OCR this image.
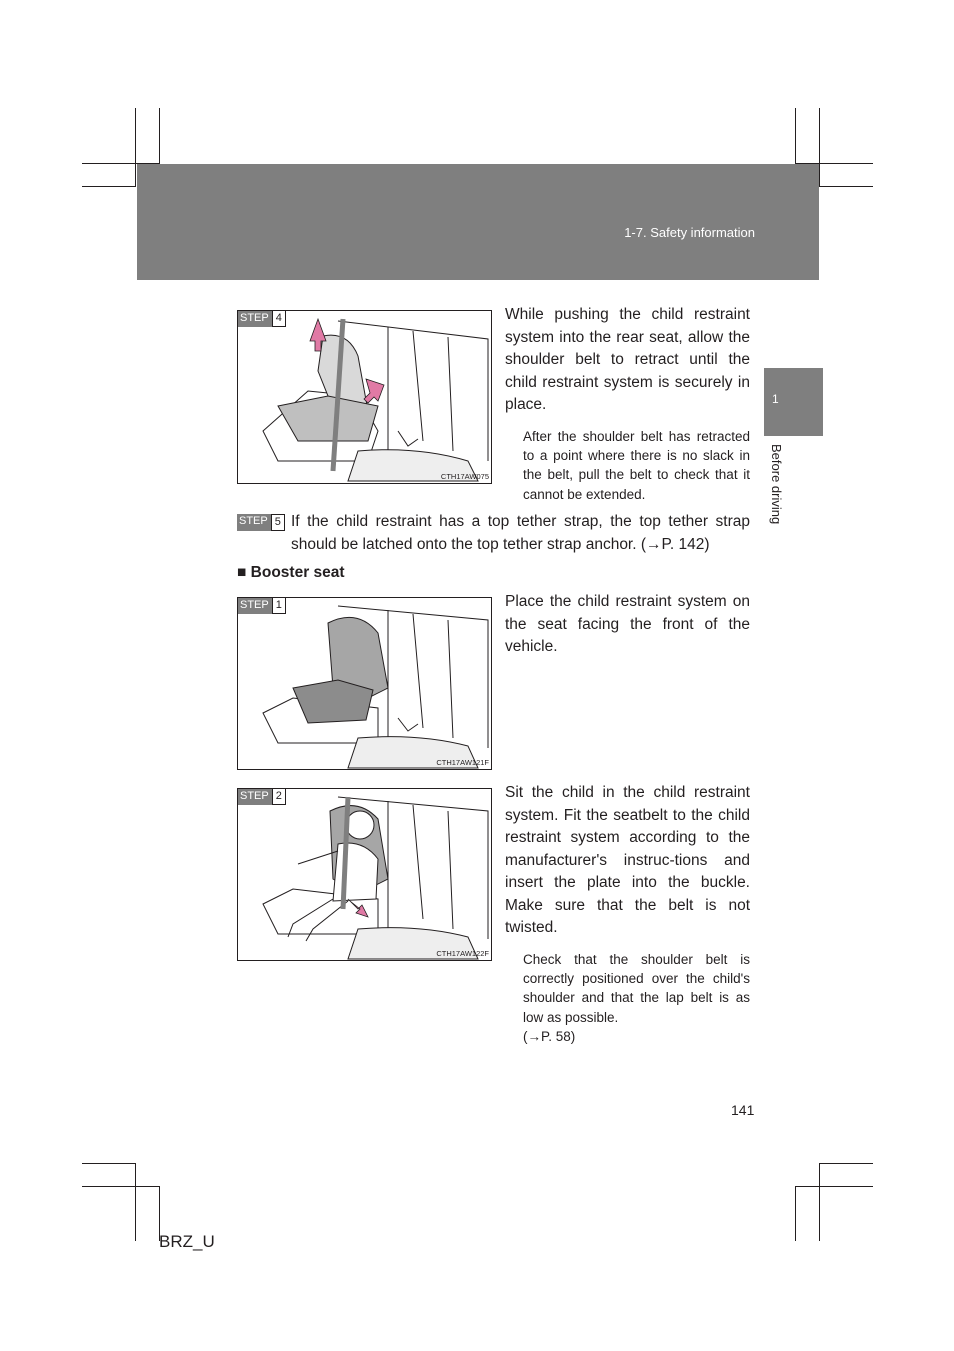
1-7. Safety information
1
Before driving
STEP 4
CTH17AW075
While pushing the child restraint system into the rear seat, allow the shoulder belt to retract until the child restraint system is securely in place.
After the shoulder belt has retracted to a point where there is no slack in the belt, pull the belt to check that it cannot be extended.
STEP 5 If the child restraint has a top tether strap, the top tether strap should be latched onto the top tether strap anchor. (→P. 142)
■ Booster seat
STEP 1
CTH17AW121F
Place the child restraint system on the seat facing the front of the vehicle.
STEP 2
CTH17AW122F
Sit the child in the child restraint system. Fit the seatbelt to the child restraint system according to the manufacturer's instruc-tions and insert the plate into the buckle. Make sure that the belt is not twisted.
Check that the shoulder belt is correctly positioned over the child's shoulder and that the lap belt is as low as possible.
(→P. 58)
141
BRZ_U
